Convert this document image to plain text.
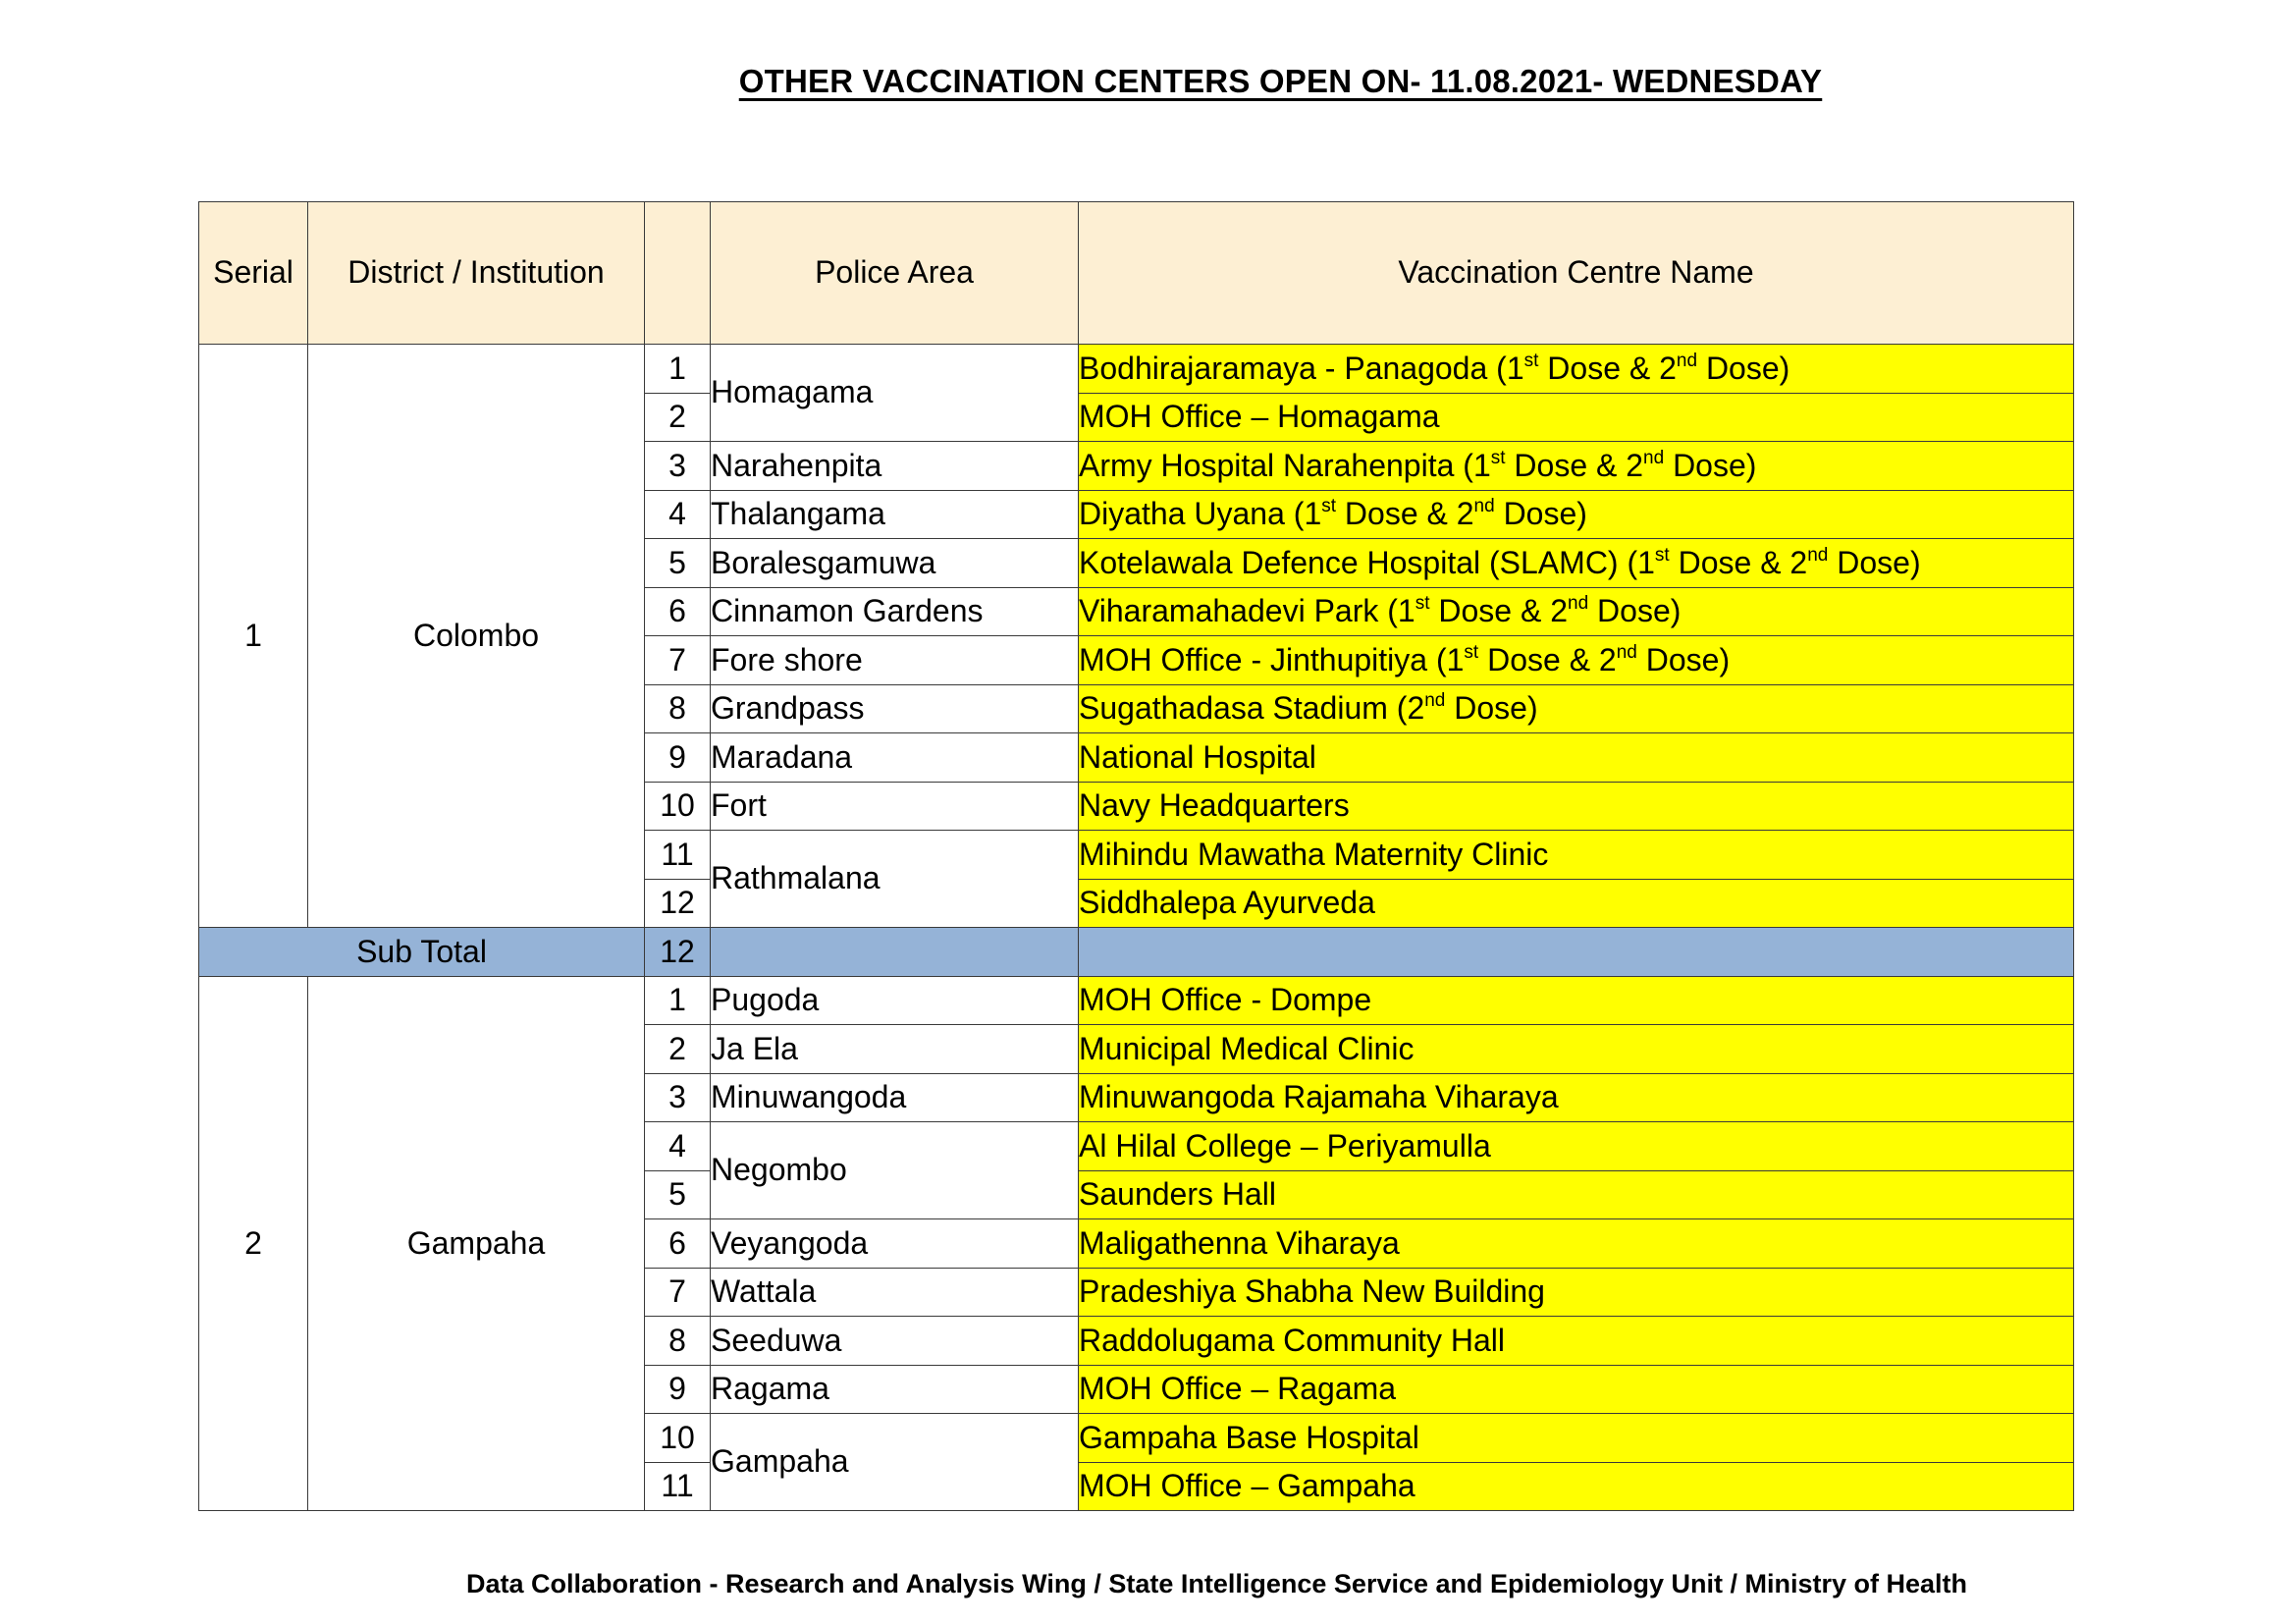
OTHER VACCINATION CENTERS OPEN ON- 11.08.2021- WEDNESDAY
Serial	District / Institution		Police Area	Vaccination Centre Name
1	Colombo	1	Homagama	Bodhirajaramaya - Panagoda (1st Dose & 2nd Dose)
		2		MOH Office – Homagama
		3	Narahenpita	Army Hospital Narahenpita (1st Dose & 2nd Dose)
		4	Thalangama	Diyatha Uyana (1st Dose & 2nd Dose)
		5	Boralesgamuwa	Kotelawala Defence Hospital (SLAMC) (1st Dose & 2nd Dose)
		6	Cinnamon Gardens	Viharamahadevi Park (1st Dose & 2nd Dose)
		7	Fore shore	MOH Office - Jinthupitiya (1st Dose & 2nd Dose)
		8	Grandpass	Sugathadasa Stadium (2nd Dose)
		9	Maradana	National Hospital
		10	Fort	Navy Headquarters
		11	Rathmalana	Mihindu Mawatha Maternity Clinic
		12		Siddhalepa Ayurveda
Sub Total		12		
2	Gampaha	1	Pugoda	MOH Office - Dompe
		2	Ja Ela	Municipal Medical Clinic
		3	Minuwangoda	Minuwangoda Rajamaha Viharaya
		4	Negombo	Al Hilal College – Periyamulla
		5		Saunders Hall
		6	Veyangoda	Maligathenna Viharaya
		7	Wattala	Pradeshiya Shabha New Building
		8	Seeduwa	Raddolugama Community Hall
		9	Ragama	MOH Office – Ragama
		10	Gampaha	Gampaha Base Hospital
		11		MOH Office – Gampaha
Data Collaboration - Research and Analysis Wing / State Intelligence Service and Epidemiology Unit / Ministry of Health
